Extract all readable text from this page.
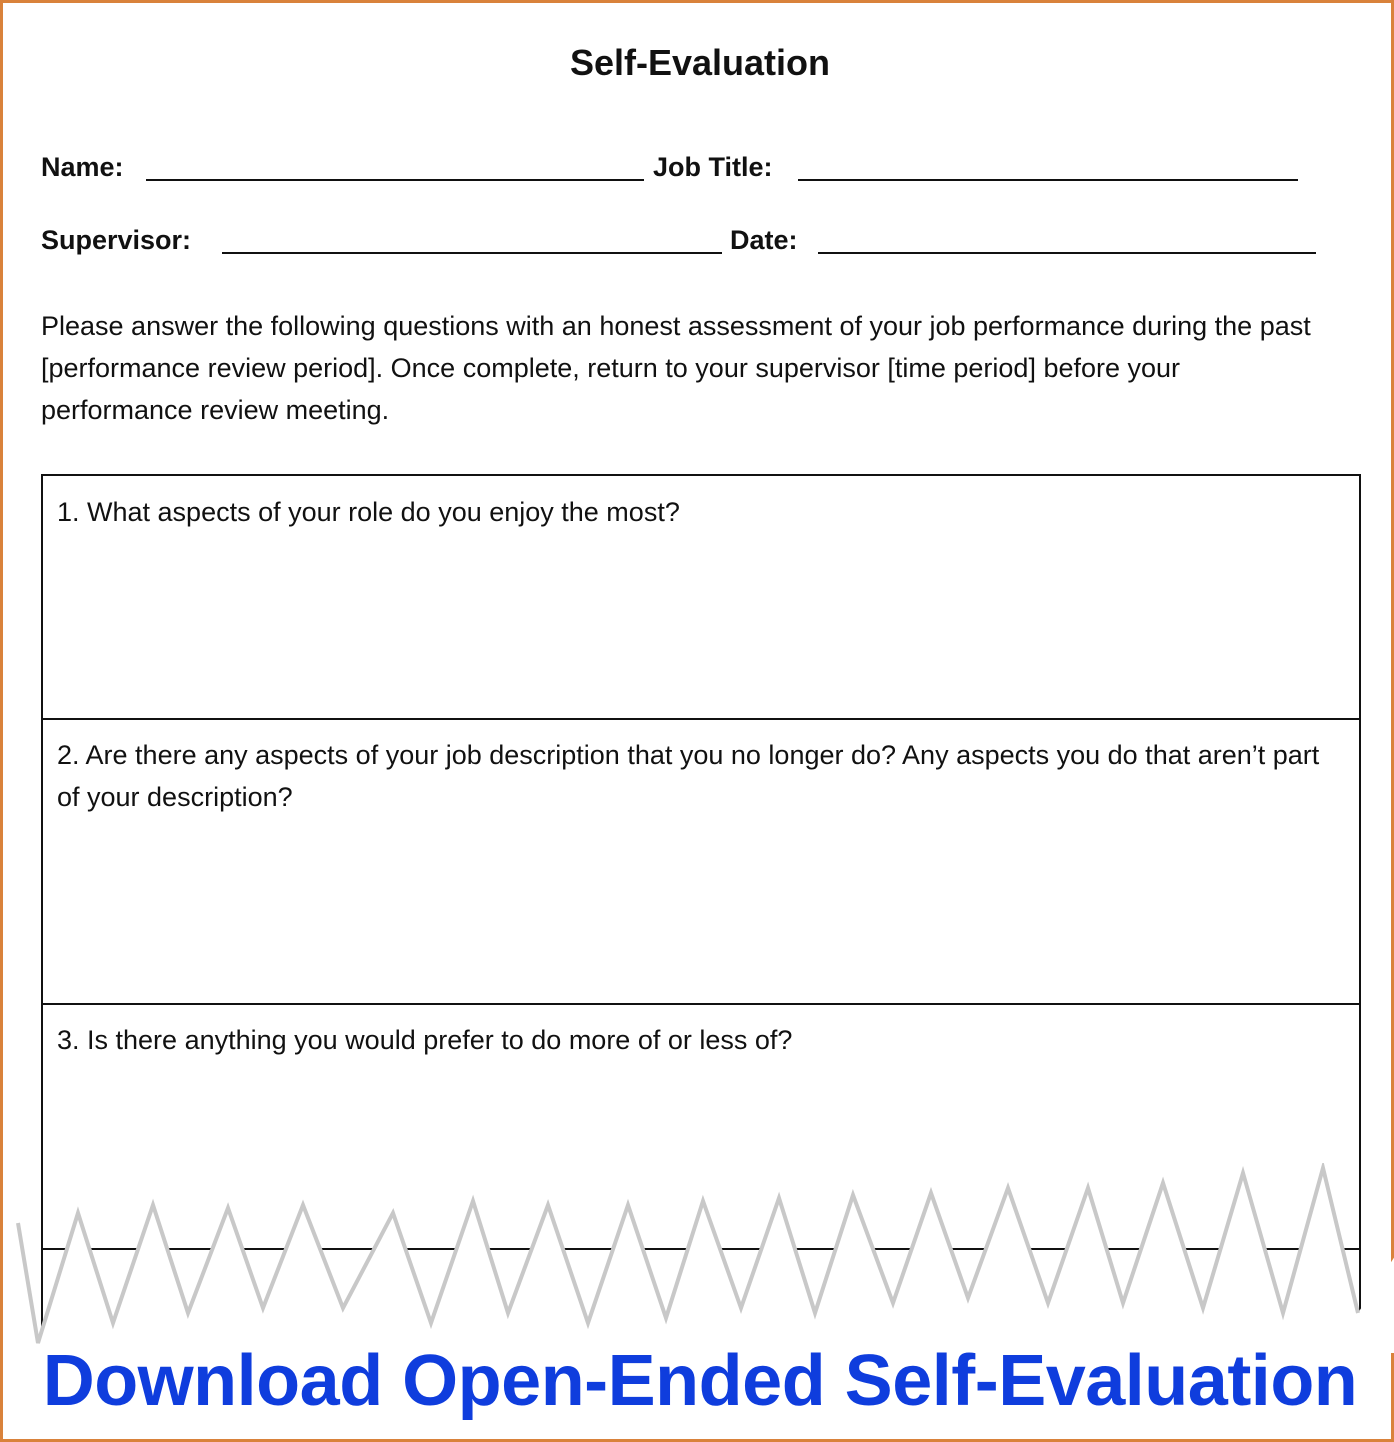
Self-Evaluation
Name:	Job Title:
Supervisor:	Date:
Please answer the following questions with an honest assessment of your job performance during the past [performance review period]. Once complete, return to your supervisor [time period] before your performance review meeting.
1. What aspects of your role do you enjoy the most?
2. Are there any aspects of your job description that you no longer do? Any aspects you do that aren’t part of your description?
3. Is there anything you would prefer to do more of or less of?
Download Open-Ended Self-Evaluation
